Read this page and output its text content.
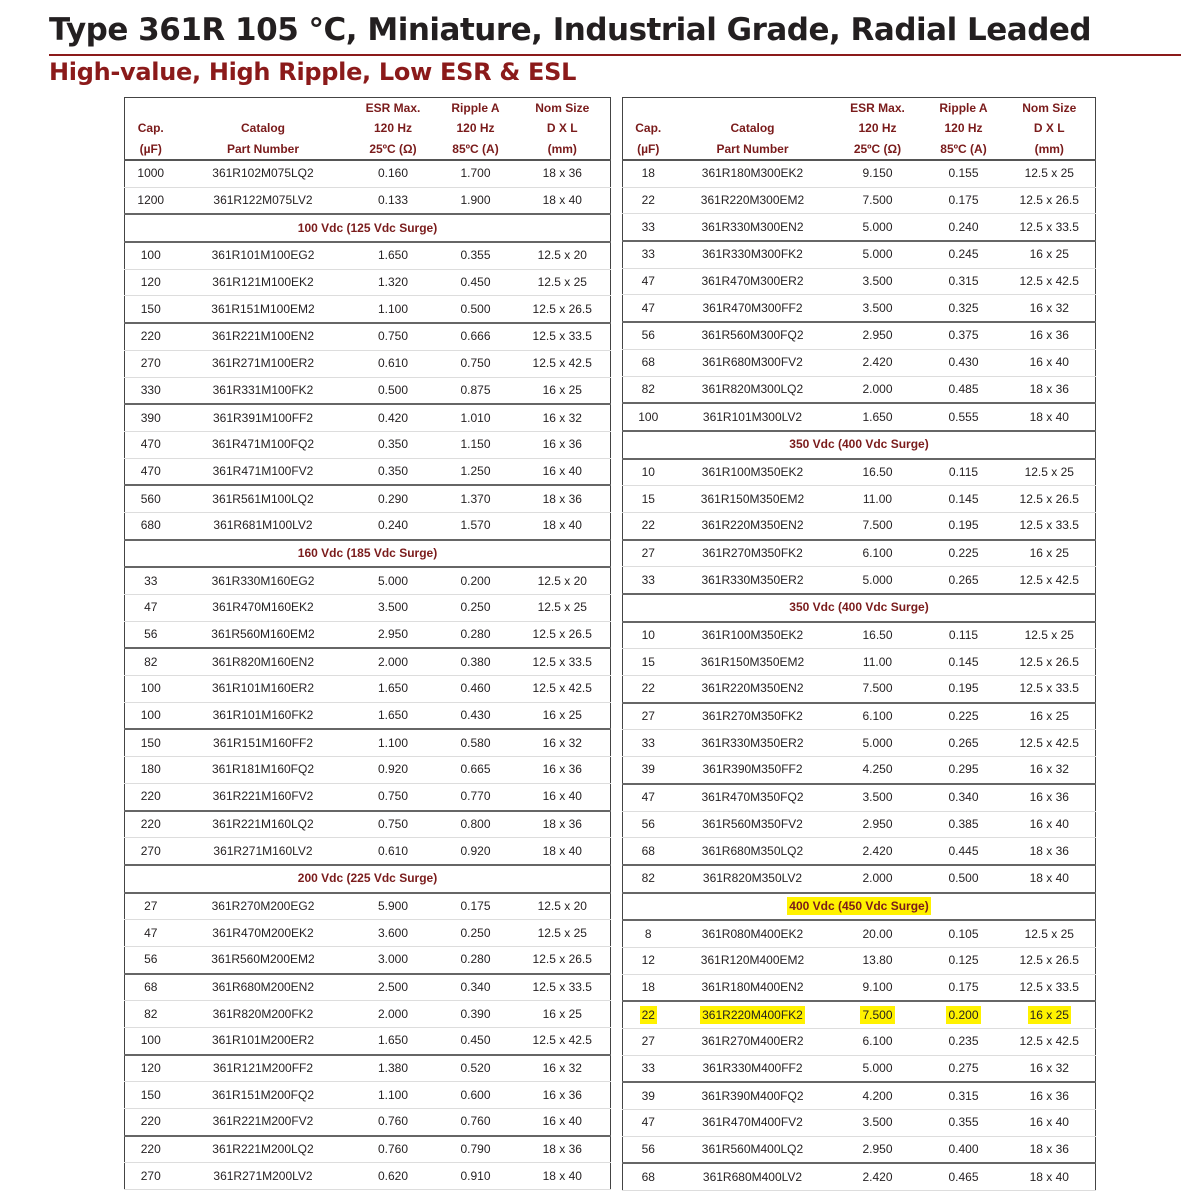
Type 361R 105 °C, Miniature, Industrial Grade, Radial Leaded
High-value, High Ripple, Low ESR & ESL
		ESR Max.	Ripple A	Nom Size
Cap.	Catalog	120 Hz	120 Hz	D X L
(µF)	Part Number	25ºC (Ω)	85ºC (A)	(mm)
1000	361R102M075LQ2	0.160	1.700	18 x 36
1200	361R122M075LV2	0.133	1.900	18 x 40
100 Vdc (125 Vdc Surge)				
100	361R101M100EG2	1.650	0.355	12.5 x 20
120	361R121M100EK2	1.320	0.450	12.5 x 25
150	361R151M100EM2	1.100	0.500	12.5 x 26.5
220	361R221M100EN2	0.750	0.666	12.5 x 33.5
270	361R271M100ER2	0.610	0.750	12.5 x 42.5
330	361R331M100FK2	0.500	0.875	16 x 25
390	361R391M100FF2	0.420	1.010	16 x 32
470	361R471M100FQ2	0.350	1.150	16 x 36
470	361R471M100FV2	0.350	1.250	16 x 40
560	361R561M100LQ2	0.290	1.370	18 x 36
680	361R681M100LV2	0.240	1.570	18 x 40
160 Vdc (185 Vdc Surge)				
33	361R330M160EG2	5.000	0.200	12.5 x 20
47	361R470M160EK2	3.500	0.250	12.5 x 25
56	361R560M160EM2	2.950	0.280	12.5 x 26.5
82	361R820M160EN2	2.000	0.380	12.5 x 33.5
100	361R101M160ER2	1.650	0.460	12.5 x 42.5
100	361R101M160FK2	1.650	0.430	16 x 25
150	361R151M160FF2	1.100	0.580	16 x 32
180	361R181M160FQ2	0.920	0.665	16 x 36
220	361R221M160FV2	0.750	0.770	16 x 40
220	361R221M160LQ2	0.750	0.800	18 x 36
270	361R271M160LV2	0.610	0.920	18 x 40
200 Vdc (225 Vdc Surge)				
27	361R270M200EG2	5.900	0.175	12.5 x 20
47	361R470M200EK2	3.600	0.250	12.5 x 25
56	361R560M200EM2	3.000	0.280	12.5 x 26.5
68	361R680M200EN2	2.500	0.340	12.5 x 33.5
82	361R820M200FK2	2.000	0.390	16 x 25
100	361R101M200ER2	1.650	0.450	12.5 x 42.5
120	361R121M200FF2	1.380	0.520	16 x 32
150	361R151M200FQ2	1.100	0.600	16 x 36
220	361R221M200FV2	0.760	0.760	16 x 40
220	361R221M200LQ2	0.760	0.790	18 x 36
270	361R271M200LV2	0.620	0.910	18 x 40
		ESR Max.	Ripple A	Nom Size
Cap.	Catalog	120 Hz	120 Hz	D X L
(µF)	Part Number	25ºC (Ω)	85ºC (A)	(mm)
18	361R180M300EK2	9.150	0.155	12.5 x 25
22	361R220M300EM2	7.500	0.175	12.5 x 26.5
33	361R330M300EN2	5.000	0.240	12.5 x 33.5
33	361R330M300FK2	5.000	0.245	16 x 25
47	361R470M300ER2	3.500	0.315	12.5 x 42.5
47	361R470M300FF2	3.500	0.325	16 x 32
56	361R560M300FQ2	2.950	0.375	16 x 36
68	361R680M300FV2	2.420	0.430	16 x 40
82	361R820M300LQ2	2.000	0.485	18 x 36
100	361R101M300LV2	1.650	0.555	18 x 40
350 Vdc (400 Vdc Surge)				
10	361R100M350EK2	16.50	0.115	12.5 x 25
15	361R150M350EM2	11.00	0.145	12.5 x 26.5
22	361R220M350EN2	7.500	0.195	12.5 x 33.5
27	361R270M350FK2	6.100	0.225	16 x 25
33	361R330M350ER2	5.000	0.265	12.5 x 42.5
350 Vdc (400 Vdc Surge)				
10	361R100M350EK2	16.50	0.115	12.5 x 25
15	361R150M350EM2	11.00	0.145	12.5 x 26.5
22	361R220M350EN2	7.500	0.195	12.5 x 33.5
27	361R270M350FK2	6.100	0.225	16 x 25
33	361R330M350ER2	5.000	0.265	12.5 x 42.5
39	361R390M350FF2	4.250	0.295	16 x 32
47	361R470M350FQ2	3.500	0.340	16 x 36
56	361R560M350FV2	2.950	0.385	16 x 40
68	361R680M350LQ2	2.420	0.445	18 x 36
82	361R820M350LV2	2.000	0.500	18 x 40
400 Vdc (450 Vdc Surge)				
8	361R080M400EK2	20.00	0.105	12.5 x 25
12	361R120M400EM2	13.80	0.125	12.5 x 26.5
18	361R180M400EN2	9.100	0.175	12.5 x 33.5
22	361R220M400FK2	7.500	0.200	16 x 25
27	361R270M400ER2	6.100	0.235	12.5 x 42.5
33	361R330M400FF2	5.000	0.275	16 x 32
39	361R390M400FQ2	4.200	0.315	16 x 36
47	361R470M400FV2	3.500	0.355	16 x 40
56	361R560M400LQ2	2.950	0.400	18 x 36
68	361R680M400LV2	2.420	0.465	18 x 40
